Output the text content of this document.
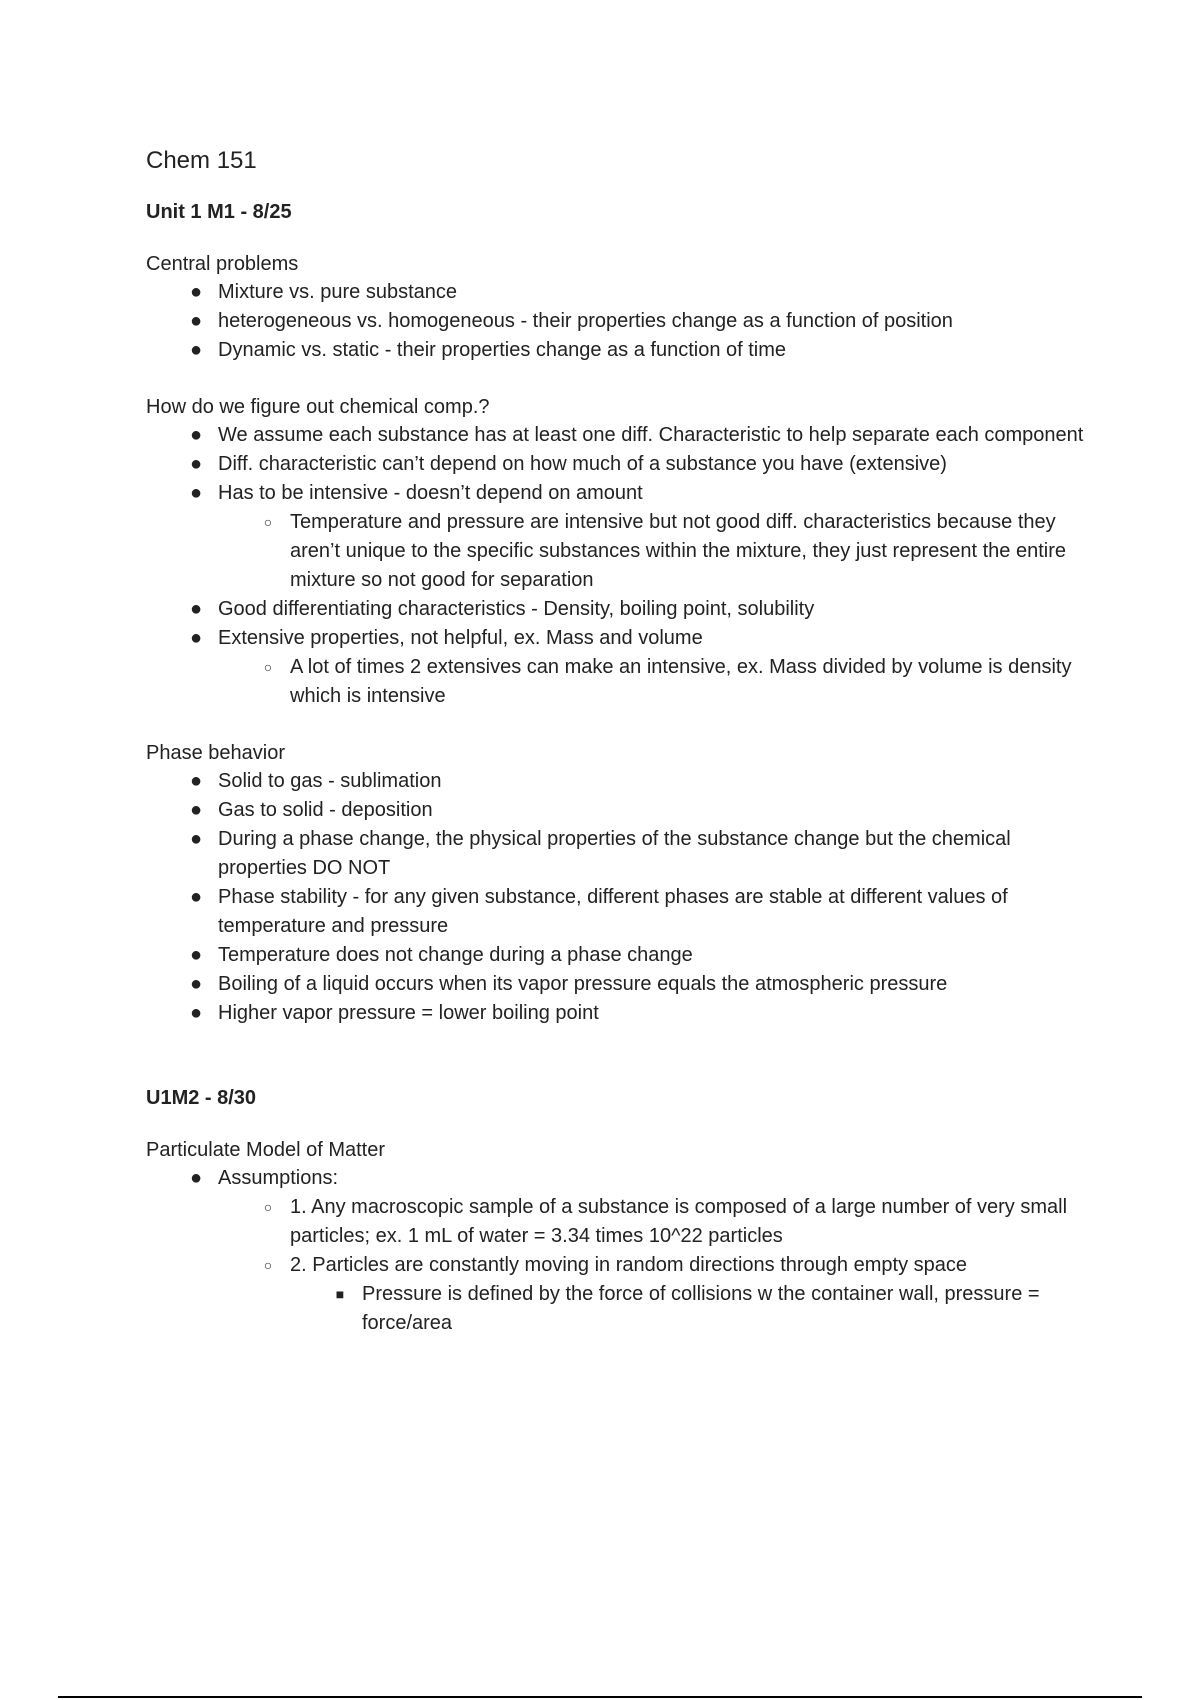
Chem 151
Unit 1 M1 - 8/25
Central problems
● Mixture vs. pure substance
● heterogeneous vs. homogeneous - their properties change as a function of position
● Dynamic vs. static - their properties change as a function of time
How do we figure out chemical comp.?
● We assume each substance has at least one diff. Characteristic to help separate each component
● Diff. characteristic can’t depend on how much of a substance you have (extensive)
● Has to be intensive - doesn’t depend on amount
○ Temperature and pressure are intensive but not good diff. characteristics because they aren’t unique to the specific substances within the mixture, they just represent the entire mixture so not good for separation
● Good differentiating characteristics - Density, boiling point, solubility
● Extensive properties, not helpful, ex. Mass and volume
○ A lot of times 2 extensives can make an intensive, ex. Mass divided by volume is density which is intensive
Phase behavior
● Solid to gas - sublimation
● Gas to solid - deposition
● During a phase change, the physical properties of the substance change but the chemical properties DO NOT
● Phase stability - for any given substance, different phases are stable at different values of temperature and pressure
● Temperature does not change during a phase change
● Boiling of a liquid occurs when its vapor pressure equals the atmospheric pressure
● Higher vapor pressure = lower boiling point
U1M2 - 8/30
Particulate Model of Matter
● Assumptions:
○ 1. Any macroscopic sample of a substance is composed of a large number of very small particles; ex. 1 mL of water = 3.34 times 10^22 particles
○ 2. Particles are constantly moving in random directions through empty space
■ Pressure is defined by the force of collisions w the container wall, pressure = force/area
